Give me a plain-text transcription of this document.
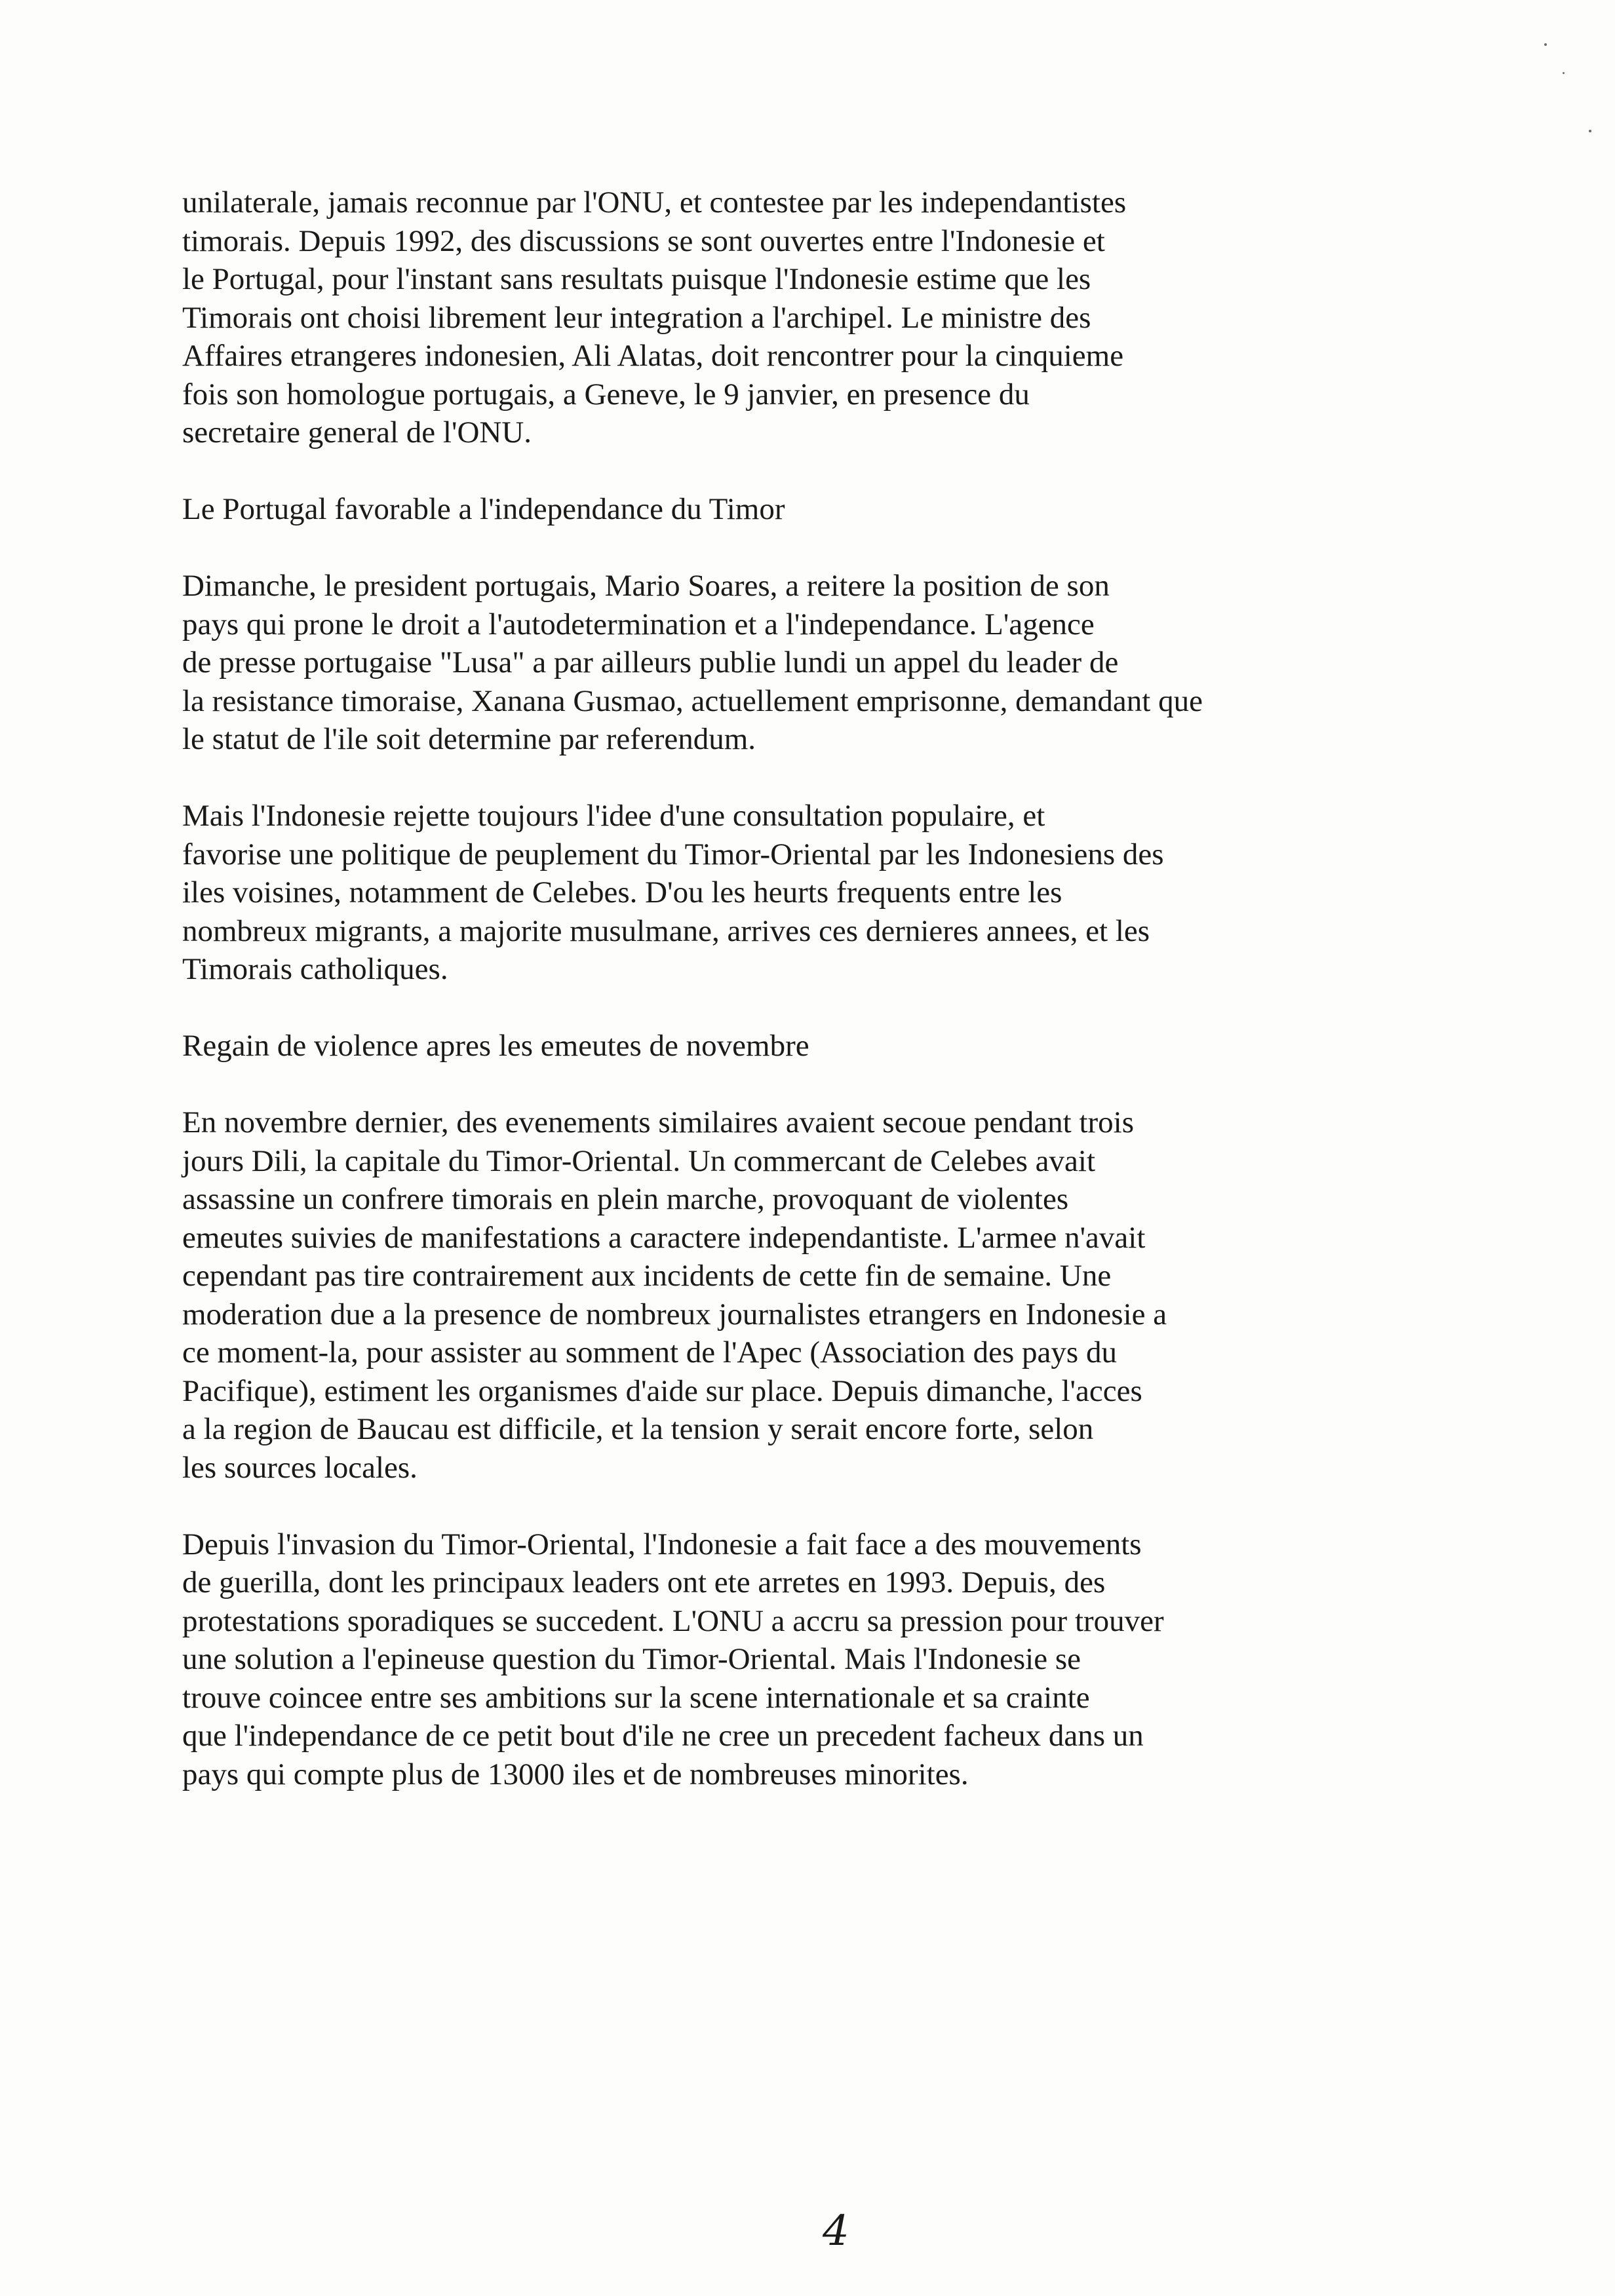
unilaterale, jamais reconnue par l'ONU, et contestee par les independantistes
timorais. Depuis 1992, des discussions se sont ouvertes entre l'Indonesie et
le Portugal, pour l'instant sans resultats puisque l'Indonesie estime que les
Timorais ont choisi librement leur integration a l'archipel. Le ministre des
Affaires etrangeres indonesien, Ali Alatas, doit rencontrer pour la cinquieme
fois son homologue portugais, a Geneve, le 9 janvier, en presence du
secretaire general de l'ONU.

Le Portugal favorable a l'independance du Timor

Dimanche, le president portugais, Mario Soares, a reitere la position de son
pays qui prone le droit a l'autodetermination et a l'independance. L'agence
de presse portugaise "Lusa" a par ailleurs publie lundi un appel du leader de
la resistance timoraise, Xanana Gusmao, actuellement emprisonne, demandant que
le statut de l'ile soit determine par referendum.

Mais l'Indonesie rejette toujours l'idee d'une consultation populaire, et
favorise une politique de peuplement du Timor-Oriental par les Indonesiens des
iles voisines, notamment de Celebes. D'ou les heurts frequents entre les
nombreux migrants, a majorite musulmane, arrives ces dernieres annees, et les
Timorais catholiques.

Regain de violence apres les emeutes de novembre

En novembre dernier, des evenements similaires avaient secoue pendant trois
jours Dili, la capitale du Timor-Oriental. Un commercant de Celebes avait
assassine un confrere timorais en plein marche, provoquant de violentes
emeutes suivies de manifestations a caractere independantiste. L'armee n'avait
cependant pas tire contrairement aux incidents de cette fin de semaine. Une
moderation due a la presence de nombreux journalistes etrangers en Indonesie a
ce moment-la, pour assister au somment de l'Apec (Association des pays du
Pacifique), estiment les organismes d'aide sur place. Depuis dimanche, l'acces
a la region de Baucau est difficile, et la tension y serait encore forte, selon
les sources locales.

Depuis l'invasion du Timor-Oriental, l'Indonesie a fait face a des mouvements
de guerilla, dont les principaux leaders ont ete arretes en 1993. Depuis, des
protestations sporadiques se succedent. L'ONU a accru sa pression pour trouver
une solution a l'epineuse question du Timor-Oriental. Mais l'Indonesie se
trouve coincee entre ses ambitions sur la scene internationale et sa crainte
que l'independance de ce petit bout d'ile ne cree un precedent facheux dans un
pays qui compte plus de 13000 iles et de nombreuses minorites.

4
